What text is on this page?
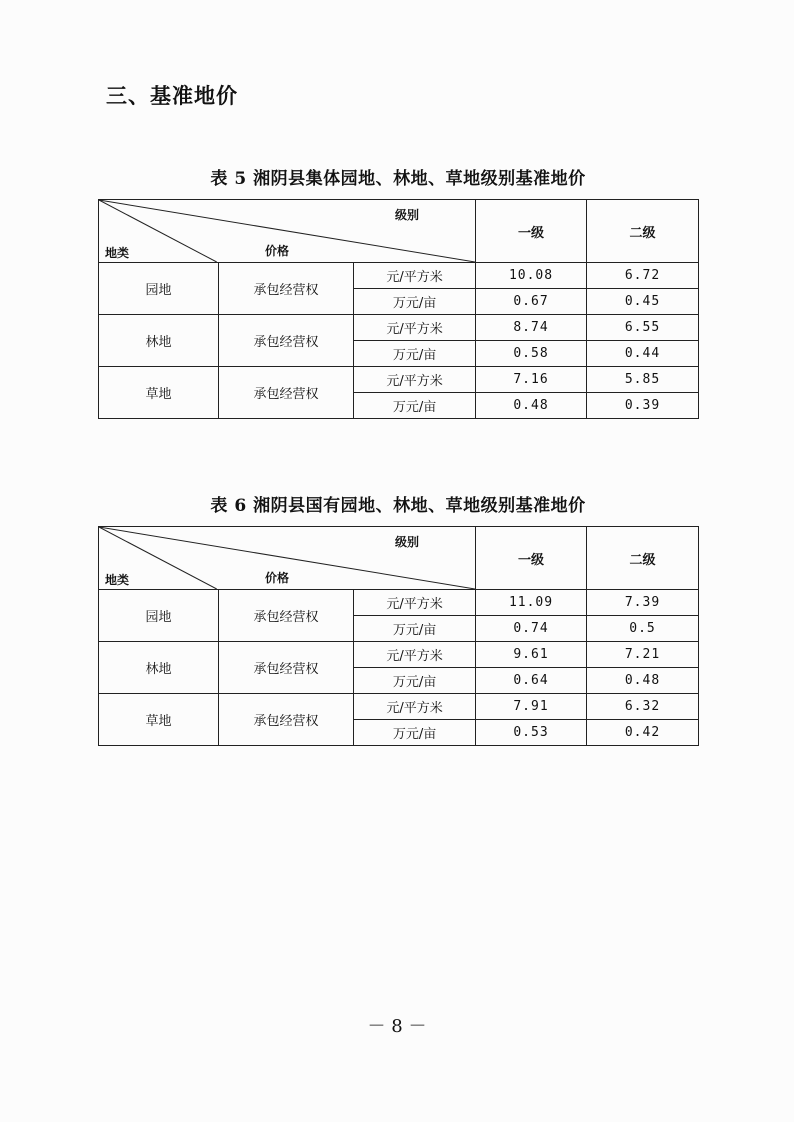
三、基准地价
表 5 湘阴县集体园地、林地、草地级别基准地价
级别
价格
地类			一级	二级
园地	承包经营权	元/平方米	10.08	6.72
		万元/亩	0.67	0.45
林地	承包经营权	元/平方米	8.74	6.55
		万元/亩	0.58	0.44
草地	承包经营权	元/平方米	7.16	5.85
		万元/亩	0.48	0.39
表 6 湘阴县国有园地、林地、草地级别基准地价
级别
价格
地类			一级	二级
园地	承包经营权	元/平方米	11.09	7.39
		万元/亩	0.74	0.5
林地	承包经营权	元/平方米	9.61	7.21
		万元/亩	0.64	0.48
草地	承包经营权	元/平方米	7.91	6.32
		万元/亩	0.53	0.42
－ 8 －
